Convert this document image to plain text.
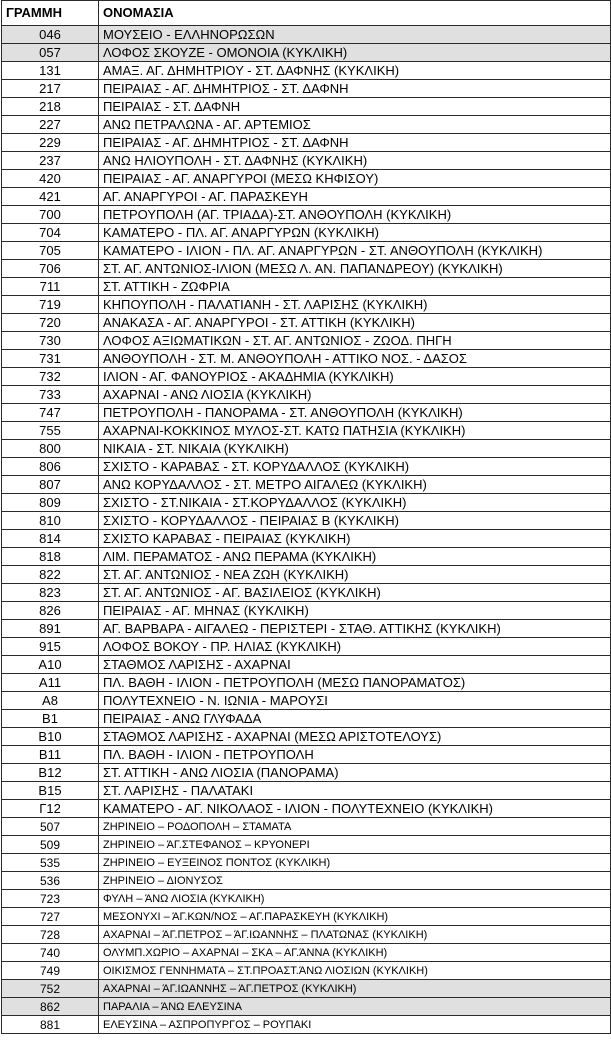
ΓΡΑΜΜΗ	ΟΝΟΜΑΣΙΑ
046	ΜΟΥΣΕΙΟ - ΕΛΛΗΝΟΡΩΣΩΝ
057	ΛΟΦΟΣ ΣΚΟΥΖΕ - ΟΜΟΝΟΙΑ (ΚΥΚΛΙΚΗ)
131	ΑΜΑΞ. ΑΓ. ΔΗΜΗΤΡΙΟΥ - ΣΤ. ΔΑΦΝΗΣ (ΚΥΚΛΙΚΗ)
217	ΠΕΙΡΑΙΑΣ - ΑΓ. ΔΗΜΗΤΡΙΟΣ - ΣΤ. ΔΑΦΝΗ
218	ΠΕΙΡΑΙΑΣ - ΣΤ. ΔΑΦΝΗ
227	ΑΝΩ ΠΕΤΡΑΛΩΝΑ - ΑΓ. ΑΡΤΕΜΙΟΣ
229	ΠΕΙΡΑΙΑΣ - ΑΓ. ΔΗΜΗΤΡΙΟΣ - ΣΤ. ΔΑΦΝΗ
237	ΑΝΩ ΗΛΙΟΥΠΟΛΗ - ΣΤ. ΔΑΦΝΗΣ (ΚΥΚΛΙΚΗ)
420	ΠΕΙΡΑΙΑΣ - ΑΓ. ΑΝΑΡΓΥΡΟΙ (ΜΕΣΩ ΚΗΦΙΣΟΥ)
421	ΑΓ. ΑΝΑΡΓΥΡΟΙ - ΑΓ. ΠΑΡΑΣΚΕΥΗ
700	ΠΕΤΡΟΥΠΟΛΗ (ΑΓ. ΤΡΙΑΔΑ)-ΣΤ. ΑΝΘΟΥΠΟΛΗ (ΚΥΚΛΙΚΗ)
704	ΚΑΜΑΤΕΡΟ - ΠΛ. ΑΓ. ΑΝΑΡΓΥΡΩΝ (ΚΥΚΛΙΚΗ)
705	ΚΑΜΑΤΕΡΟ - ΙΛΙΟΝ - ΠΛ. ΑΓ. ΑΝΑΡΓΥΡΩΝ - ΣΤ. ΑΝΘΟΥΠΟΛΗ (ΚΥΚΛΙΚΗ)
706	ΣΤ. ΑΓ. ΑΝΤΩΝΙΟΣ-ΙΛΙΟΝ (ΜΕΣΩ Λ. ΑΝ. ΠΑΠΑΝΔΡΕΟΥ) (ΚΥΚΛΙΚΗ)
711	ΣΤ. ΑΤΤΙΚΗ - ΖΩΦΡΙΑ
719	ΚΗΠΟΥΠΟΛΗ - ΠΑΛΑΤΙΑΝΗ - ΣΤ. ΛΑΡΙΣΗΣ (ΚΥΚΛΙΚΗ)
720	ΑΝΑΚΑΣΑ - ΑΓ. ΑΝΑΡΓΥΡΟΙ - ΣΤ. ΑΤΤΙΚΗ (ΚΥΚΛΙΚΗ)
730	ΛΟΦΟΣ ΑΞΙΩΜΑΤΙΚΩΝ - ΣΤ. ΑΓ. ΑΝΤΩΝΙΟΣ - ΖΩΟΔ. ΠΗΓΗ
731	ΑΝΘΟΥΠΟΛΗ - ΣΤ. Μ. ΑΝΘΟΥΠΟΛΗ - ΑΤΤΙΚΟ ΝΟΣ. - ΔΑΣΟΣ
732	ΙΛΙΟΝ - ΑΓ. ΦΑΝΟΥΡΙΟΣ - ΑΚΑΔΗΜΙΑ (ΚΥΚΛΙΚΗ)
733	ΑΧΑΡΝΑΙ - ΑΝΩ ΛΙΟΣΙΑ (ΚΥΚΛΙΚΗ)
747	ΠΕΤΡΟΥΠΟΛΗ - ΠΑΝΟΡΑΜΑ - ΣΤ. ΑΝΘΟΥΠΟΛΗ (ΚΥΚΛΙΚΗ)
755	ΑΧΑΡΝΑΙ-ΚΟΚΚΙΝΟΣ ΜΥΛΟΣ-ΣΤ. ΚΑΤΩ ΠΑΤΗΣΙΑ (ΚΥΚΛΙΚΗ)
800	ΝΙΚΑΙΑ - ΣΤ. ΝΙΚΑΙΑ (ΚΥΚΛΙΚΗ)
806	ΣΧΙΣΤΟ - ΚΑΡΑΒΑΣ - ΣΤ. ΚΟΡΥΔΑΛΛΟΣ (ΚΥΚΛΙΚΗ)
807	ΑΝΩ ΚΟΡΥΔΑΛΛΟΣ - ΣΤ. ΜΕΤΡΟ ΑΙΓΑΛΕΩ (ΚΥΚΛΙΚΗ)
809	ΣΧΙΣΤΟ - ΣΤ.ΝΙΚΑΙΑ - ΣΤ.ΚΟΡΥΔΑΛΛΟΣ (ΚΥΚΛΙΚΗ)
810	ΣΧΙΣΤΟ - ΚΟΡΥΔΑΛΛΟΣ - ΠΕΙΡΑΙΑΣ Β (ΚΥΚΛΙΚΗ)
814	ΣΧΙΣΤΟ ΚΑΡΑΒΑΣ - ΠΕΙΡΑΙΑΣ (ΚΥΚΛΙΚΗ)
818	ΛΙΜ. ΠΕΡΑΜΑΤΟΣ - ΑΝΩ ΠΕΡΑΜΑ (ΚΥΚΛΙΚΗ)
822	ΣΤ. ΑΓ. ΑΝΤΩΝΙΟΣ - ΝΕΑ ΖΩΗ (ΚΥΚΛΙΚΗ)
823	ΣΤ. ΑΓ. ΑΝΤΩΝΙΟΣ - ΑΓ. ΒΑΣΙΛΕΙΟΣ (ΚΥΚΛΙΚΗ)
826	ΠΕΙΡΑΙΑΣ - ΑΓ. ΜΗΝΑΣ (ΚΥΚΛΙΚΗ)
891	ΑΓ. ΒΑΡΒΑΡΑ - ΑΙΓΑΛΕΩ - ΠΕΡΙΣΤΕΡΙ - ΣΤΑΘ. ΑΤΤΙΚΗΣ (ΚΥΚΛΙΚΗ)
915	ΛΟΦΟΣ ΒΟΚΟΥ - ΠΡ. ΗΛΙΑΣ (ΚΥΚΛΙΚΗ)
Α10	ΣΤΑΘΜΟΣ ΛΑΡΙΣΗΣ - ΑΧΑΡΝΑΙ
Α11	ΠΛ. ΒΑΘΗ - ΙΛΙΟΝ - ΠΕΤΡΟΥΠΟΛΗ (ΜΕΣΩ ΠΑΝΟΡΑΜΑΤΟΣ)
Α8	ΠΟΛΥΤΕΧΝΕΙΟ - Ν. ΙΩΝΙΑ - ΜΑΡΟΥΣΙ
Β1	ΠΕΙΡΑΙΑΣ - ΑΝΩ ΓΛΥΦΑΔΑ
Β10	ΣΤΑΘΜΟΣ ΛΑΡΙΣΗΣ - ΑΧΑΡΝΑΙ (ΜΕΣΩ ΑΡΙΣΤΟΤΕΛΟΥΣ)
Β11	ΠΛ. ΒΑΘΗ - ΙΛΙΟΝ - ΠΕΤΡΟΥΠΟΛΗ
Β12	ΣΤ. ΑΤΤΙΚΗ - ΑΝΩ ΛΙΟΣΙΑ (ΠΑΝΟΡΑΜΑ)
Β15	ΣΤ. ΛΑΡΙΣΗΣ - ΠΑΛΑΤΑΚΙ
Γ12	ΚΑΜΑΤΕΡΟ - ΑΓ. ΝΙΚΟΛΑΟΣ - ΙΛΙΟΝ - ΠΟΛΥΤΕΧΝΕΙΟ (ΚΥΚΛΙΚΗ)
507	ΖΗΡΙΝΕΙΟ – ΡΟΔΟΠΟΛΗ – ΣΤΑΜΑΤΑ
509	ΖΗΡΙΝΕΙΟ – ΆΓ.ΣΤΕΦΑΝΟΣ – ΚΡΥΟΝΕΡΙ
535	ΖΗΡΙΝΕΙΟ – ΕΥΞΕΙΝΟΣ ΠΟΝΤΟΣ (ΚΥΚΛΙΚΗ)
536	ΖΗΡΙΝΕΙΟ – ΔΙΟΝΥΣΟΣ
723	ΦΥΛΗ – ΆΝΩ ΛΙΟΣΙΑ (ΚΥΚΛΙΚΗ)
727	ΜΕΣΟΝΥΧΙ – ΆΓ.ΚΩΝ/ΝΟΣ – ΑΓ.ΠΑΡΑΣΚΕΥΗ (ΚΥΚΛΙΚΗ)
728	ΑΧΑΡΝΑΙ – ΆΓ.ΠΕΤΡΟΣ – ΆΓ.ΙΩΑΝΝΗΣ – ΠΛΑΤΩΝΑΣ (ΚΥΚΛΙΚΗ)
740	ΟΛΥΜΠ.ΧΩΡΙΟ – ΑΧΑΡΝΑΙ – ΣΚΑ – ΑΓ.ΆΝΝΑ (ΚΥΚΛΙΚΗ)
749	ΟΙΚΙΣΜΟΣ ΓΕΝΝΗΜΑΤΑ – ΣΤ.ΠΡΟΑΣΤ.ΆΝΩ ΛΙΟΣΙΩΝ (ΚΥΚΛΙΚΗ)
752	ΑΧΑΡΝΑΙ – ΆΓ.ΙΩΑΝΝΗΣ – ΆΓ.ΠΕΤΡΟΣ (ΚΥΚΛΙΚΗ)
862	ΠΑΡΑΛΙΑ – ΆΝΩ ΕΛΕΥΣΙΝΑ
881	ΕΛΕΥΣΙΝΑ – ΑΣΠΡΟΠΥΡΓΟΣ – ΡΟΥΠΑΚΙ
